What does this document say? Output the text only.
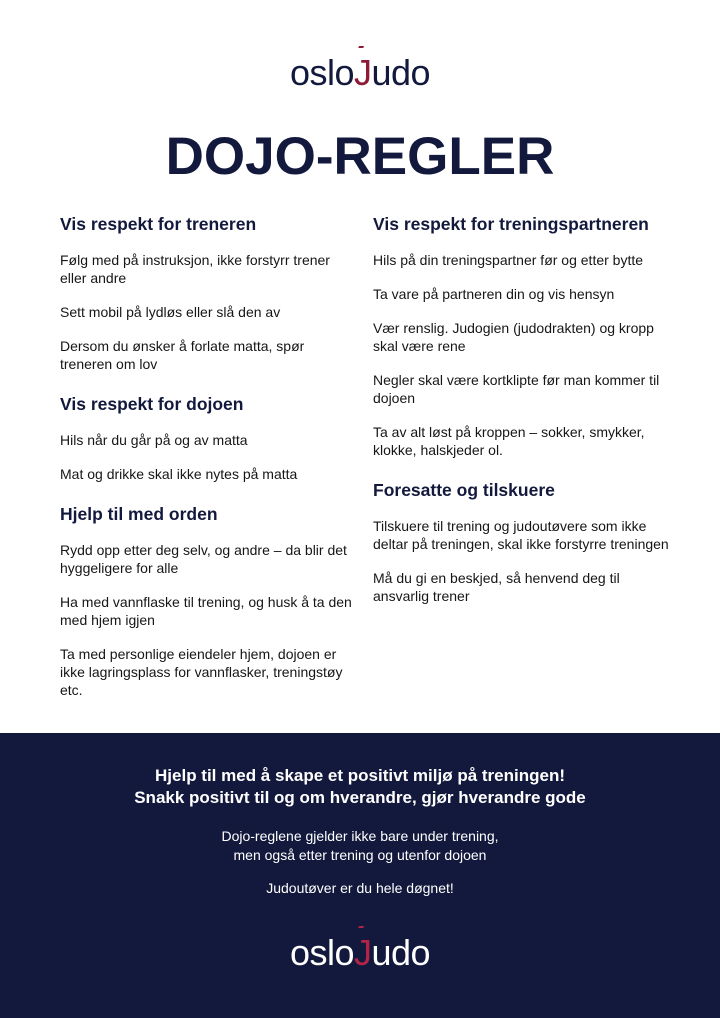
oslo
Judo
DOJO-REGLER
Vis respekt for treneren

Følg med på instruksjon, ikke forstyrr trener eller andre

Sett mobil på lydløs eller slå den av

Dersom du ønsker å forlate matta, spør treneren om lov

Vis respekt for dojoen

Hils når du går på og av matta

Mat og drikke skal ikke nytes på matta

Hjelp til med orden

Rydd opp etter deg selv, og andre – da blir det hyggeligere for alle

Ha med vannflaske til trening, og husk å ta den med hjem igjen

Ta med personlige eiendeler hjem, dojoen er ikke lagringsplass for vannflasker, treningstøy etc.

Vis respekt for treningspartneren

Hils på din treningspartner før og etter bytte

Ta vare på partneren din og vis hensyn

Vær renslig. Judogien (judodrakten) og kropp skal være rene

Negler skal være kortklipte før man kommer til dojoen

Ta av alt løst på kroppen – sokker, smykker, klokke, halskjeder ol.

Foresatte og tilskuere

Tilskuere til trening og judoutøvere som ikke deltar på treningen, skal ikke forstyrre treningen

Må du gi en beskjed, så henvend deg til ansvarlig trener

Hjelp til med å skape et positivt miljø på treningen!
Snakk positivt til og om hverandre, gjør hverandre gode
Dojo-reglene gjelder ikke bare under trening,
men også etter trening og utenfor dojoen
Judoutøver er du hele døgnet!
oslo
Judo
